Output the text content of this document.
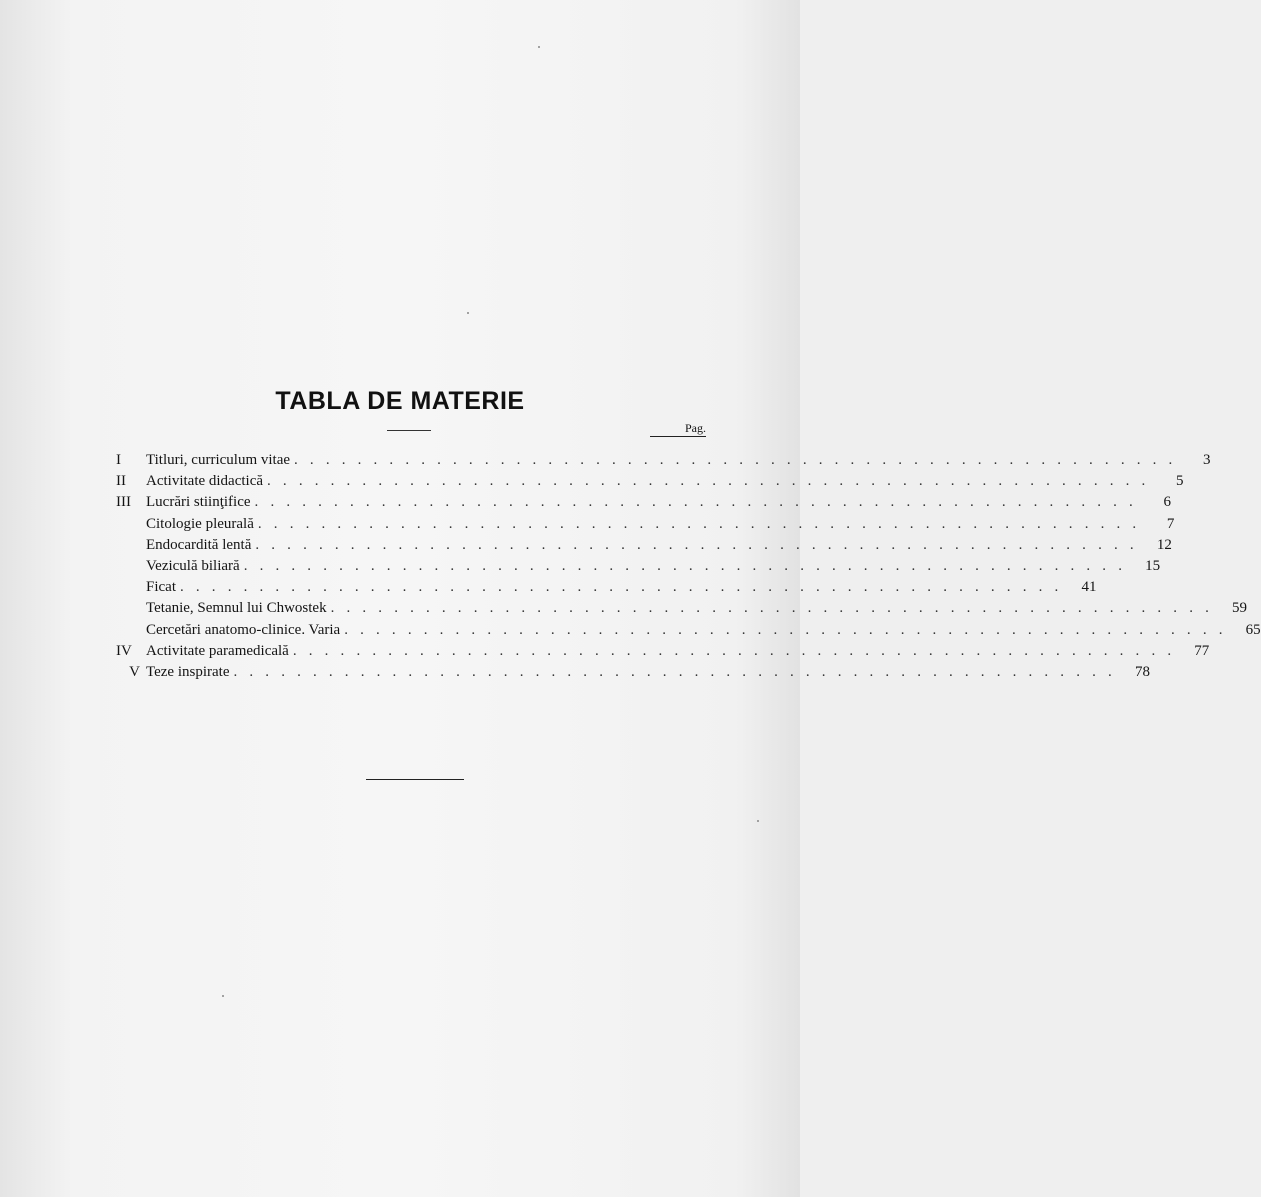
TABLA DE MATERIE
Pag.
I	Titluri, curriculum vitae . . . . . . . . . . . . . . . . . . . . . . . . . . . . . . . . . . . . . . . . . . . . . . . . . . . . . . . .	3
II	Activitate didactică . . . . . . . . . . . . . . . . . . . . . . . . . . . . . . . . . . . . . . . . . . . . . . . . . . . . . . . .	5
III	Lucrări stiinţifice . . . . . . . . . . . . . . . . . . . . . . . . . . . . . . . . . . . . . . . . . . . . . . . . . . . . . . . .	6
Citologie pleurală . . . . . . . . . . . . . . . . . . . . . . . . . . . . . . . . . . . . . . . . . . . . . . . . . . . . . . . .	7
Endocardită lentă . . . . . . . . . . . . . . . . . . . . . . . . . . . . . . . . . . . . . . . . . . . . . . . . . . . . . . . .	12
Veziculă biliară . . . . . . . . . . . . . . . . . . . . . . . . . . . . . . . . . . . . . . . . . . . . . . . . . . . . . . . .	15
Ficat . . . . . . . . . . . . . . . . . . . . . . . . . . . . . . . . . . . . . . . . . . . . . . . . . . . . . . . .	41
Tetanie, Semnul lui Chwostek . . . . . . . . . . . . . . . . . . . . . . . . . . . . . . . . . . . . . . . . . . . . . . . . . . . . . . . .	59
Cercetări anatomo-clinice. Varia . . . . . . . . . . . . . . . . . . . . . . . . . . . . . . . . . . . . . . . . . . . . . . . . . . . . . . . .	65
IV Activitate paramedicală . . . . . . . . . . . . . . . . . . . . . . . . . . . . . . . . . . . . . . . . . . . . . . . . . . . . . . . .	77
V Teze inspirate . . . . . . . . . . . . . . . . . . . . . . . . . . . . . . . . . . . . . . . . . . . . . . . . . . . . . . . .	78
